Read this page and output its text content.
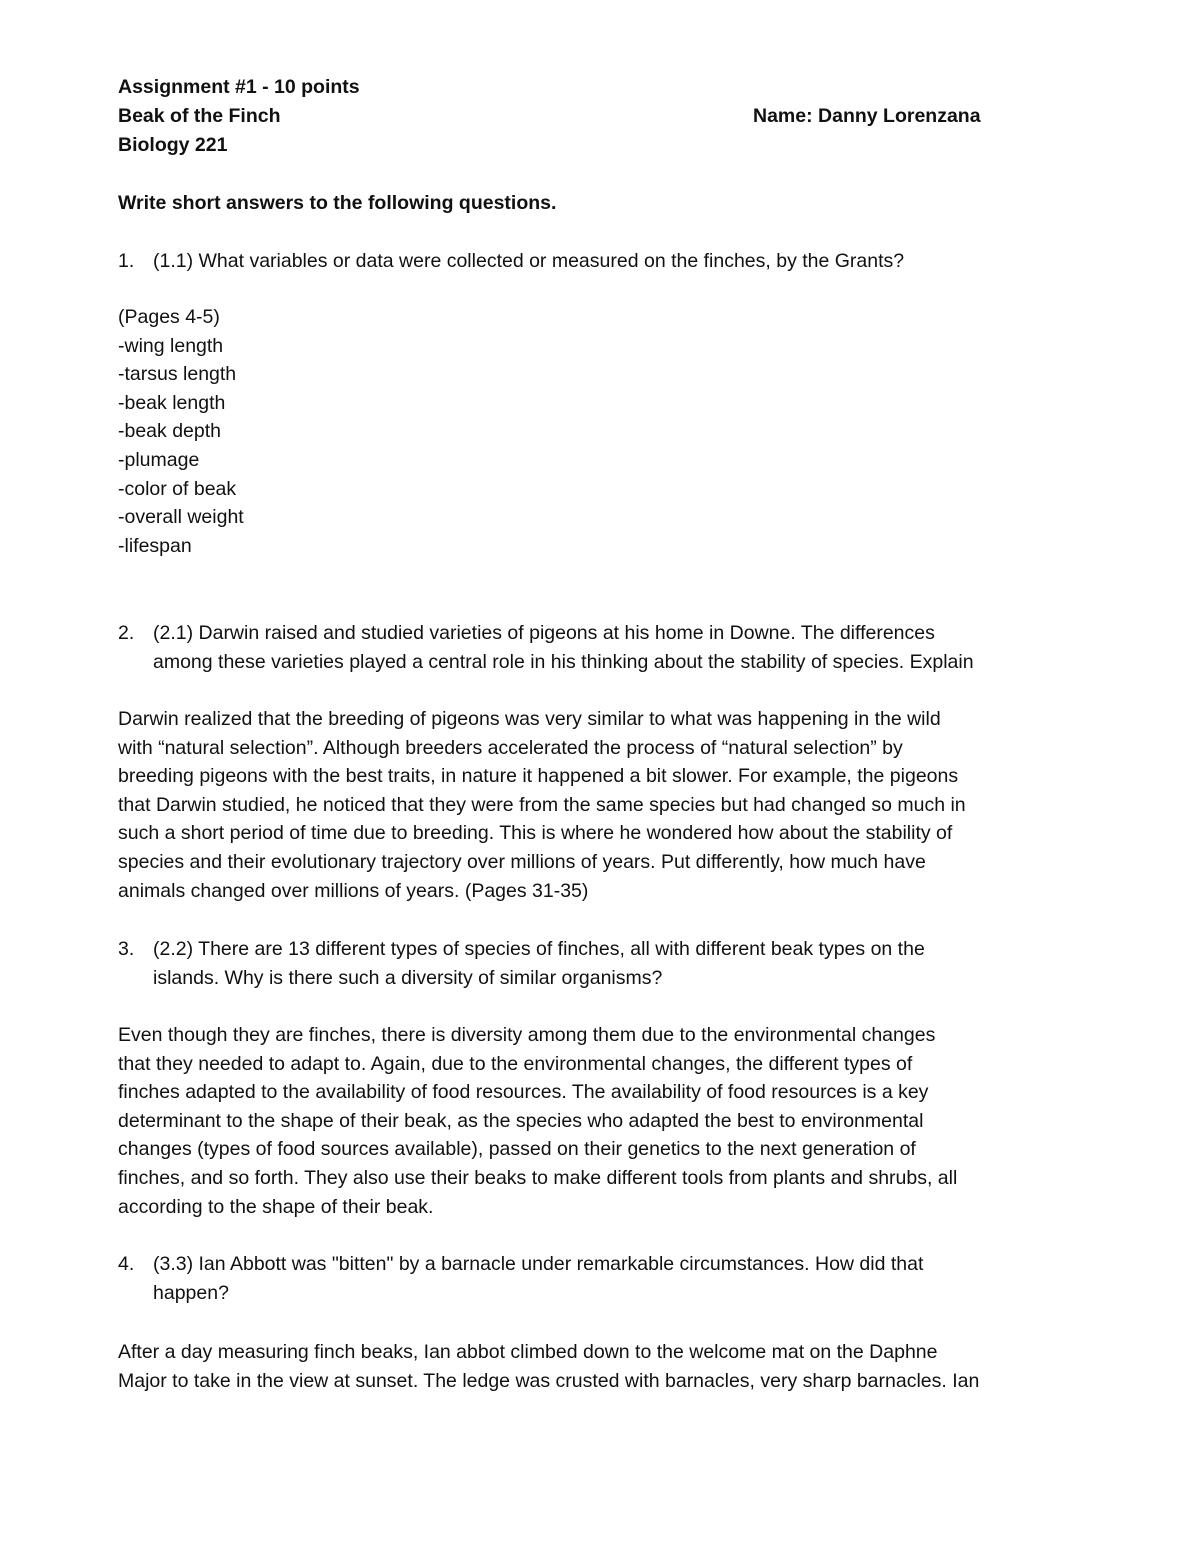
Assignment #1 - 10 points
Beak of the Finch	Name: Danny Lorenzana
Biology 221
Write short answers to the following questions.
1. (1.1) What variables or data were collected or measured on the finches, by the Grants?
(Pages 4-5)
-wing length
-tarsus length
-beak length
-beak depth
-plumage
-color of beak
-overall weight
-lifespan
2. (2.1) Darwin raised and studied varieties of pigeons at his home in Downe. The differences
among these varieties played a central role in his thinking about the stability of species. Explain
Darwin realized that the breeding of pigeons was very similar to what was happening in the wild
with “natural selection”. Although breeders accelerated the process of “natural selection” by
breeding pigeons with the best traits, in nature it happened a bit slower. For example, the pigeons
that Darwin studied, he noticed that they were from the same species but had changed so much in
such a short period of time due to breeding. This is where he wondered how about the stability of
species and their evolutionary trajectory over millions of years. Put differently, how much have
animals changed over millions of years. (Pages 31-35)
3. (2.2) There are 13 different types of species of finches, all with different beak types on the
islands. Why is there such a diversity of similar organisms?
Even though they are finches, there is diversity among them due to the environmental changes
that they needed to adapt to. Again, due to the environmental changes, the different types of
finches adapted to the availability of food resources. The availability of food resources is a key
determinant to the shape of their beak, as the species who adapted the best to environmental
changes (types of food sources available), passed on their genetics to the next generation of
finches, and so forth. They also use their beaks to make different tools from plants and shrubs, all
according to the shape of their beak.
4. (3.3) Ian Abbott was "bitten" by a barnacle under remarkable circumstances. How did that
happen?
After a day measuring finch beaks, Ian abbot climbed down to the welcome mat on the Daphne
Major to take in the view at sunset. The ledge was crusted with barnacles, very sharp barnacles. Ian
